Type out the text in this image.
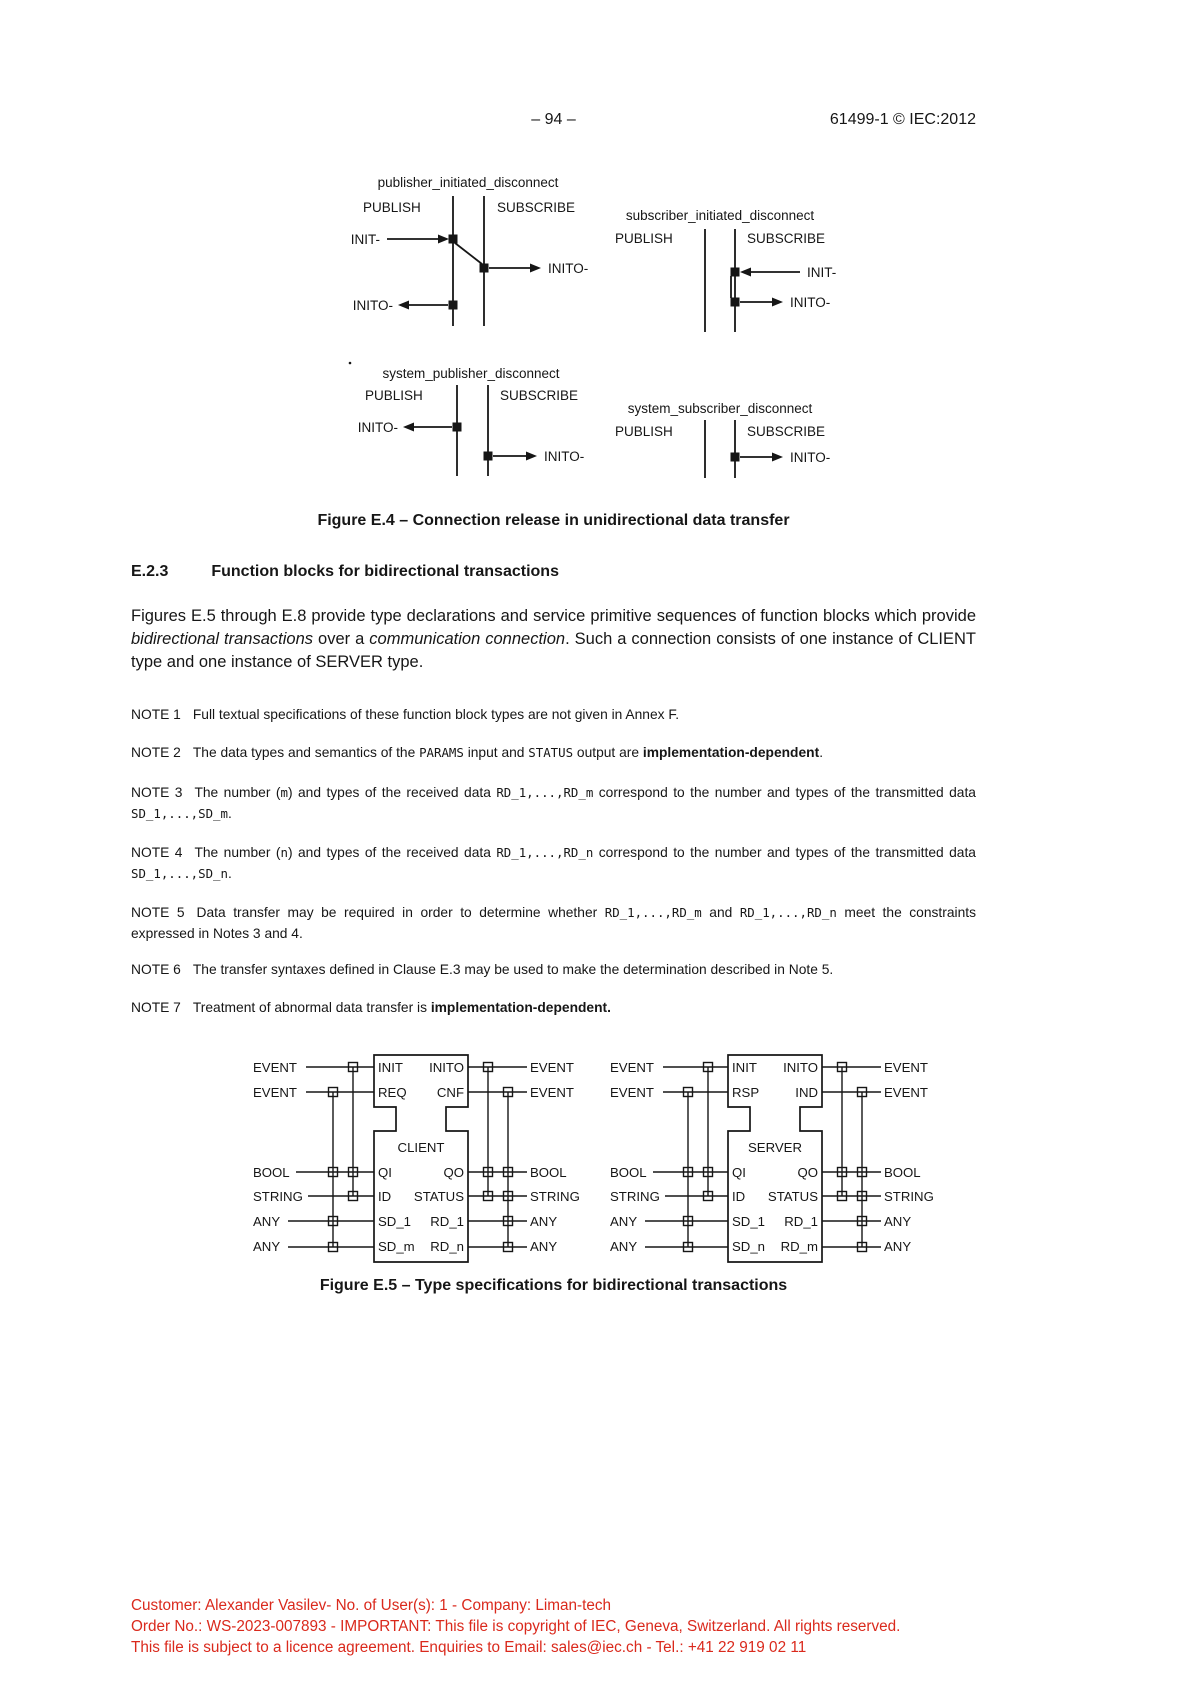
– 94 –	61499-1 © IEC:2012
publisher_initiated_disconnect
PUBLISH	SUBSCRIBE
INIT-
INITO-
INITO-
subscriber_initiated_disconnect
PUBLISH	SUBSCRIBE
INIT-
INITO-
system_publisher_disconnect
PUBLISH	SUBSCRIBE
INITO-
INITO-
system_subscriber_disconnect
PUBLISH	SUBSCRIBE
INITO-
Figure E.4 – Connection release in unidirectional data transfer
E.2.3	Function blocks for bidirectional transactions

Figures E.5 through E.8 provide type declarations and service primitive sequences of function blocks which provide bidirectional transactions over a communication connection. Such a connection consists of one instance of CLIENT type and one instance of SERVER type.

NOTE 1 Full textual specifications of these function block types are not given in Annex F.
NOTE 2 The data types and semantics of the PARAMS input and STATUS output are implementation-dependent.
NOTE 3 The number (m) and types of the received data RD_1,...,RD_m correspond to the number and types of the transmitted data SD_1,...,SD_m.
NOTE 4 The number (n) and types of the received data RD_1,...,RD_n correspond to the number and types of the transmitted data SD_1,...,SD_n.
NOTE 5 Data transfer may be required in order to determine whether RD_1,...,RD_m and RD_1,...,RD_n meet the constraints expressed in Notes 3 and 4.
NOTE 6 The transfer syntaxes defined in Clause E.3 may be used to make the determination described in Note 5.
NOTE 7 Treatment of abnormal data transfer is implementation-dependent.
CLIENT
EVENT
EVENT
BOOL
STRING
ANY
ANY
INIT INITO
REQ CNF
QI	QO
ID STATUS
SD_1 RD_1
SD_m RD_n
EVENT
EVENT
BOOL
STRING
ANY
ANY
SERVER
EVENT
EVENT
BOOL
STRING
ANY
ANY
INIT INITO
RSP	IND
QI	QO
ID STATUS
SD_1 RD_1
SD_n RD_m
EVENT
EVENT
BOOL
STRING
ANY
ANY
Figure E.5 – Type specifications for bidirectional transactions
Customer: Alexander Vasilev- No. of User(s): 1 - Company: Liman-tech
Order No.: WS-2023-007893 - IMPORTANT: This file is copyright of IEC, Geneva, Switzerland. All rights reserved.
This file is subject to a licence agreement. Enquiries to Email: sales@iec.ch - Tel.: +41 22 919 02 11
